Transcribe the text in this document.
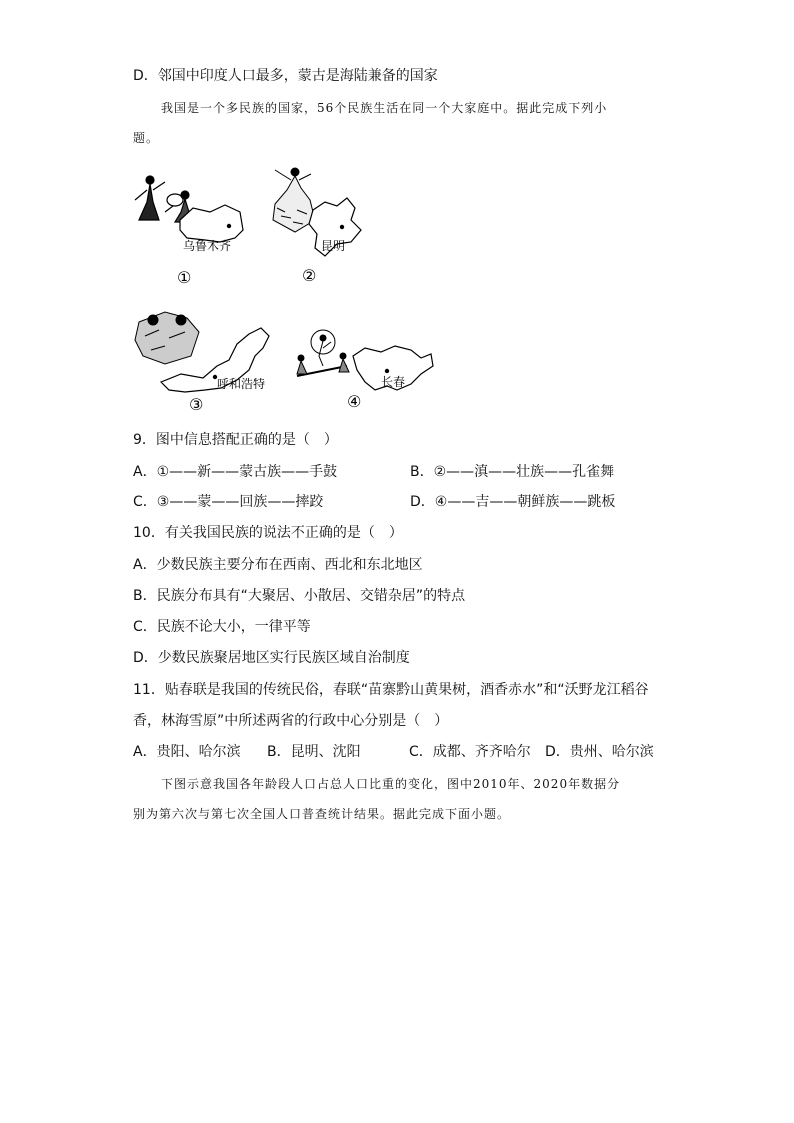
D．邻国中印度人口最多，蒙古是海陆兼备的国家
我国是一个多民族的国家，56个民族生活在同一个大家庭中。据此完成下列小
题。
乌鲁木齐
①
昆明
②
呼和浩特
③
长春
④
9．图中信息搭配正确的是（　）
A．①——新——蒙古族——手鼓	B．②——滇——壮族——孔雀舞
C．③——蒙——回族——摔跤	D．④——吉——朝鲜族——跳板
10．有关我国民族的说法不正确的是（　）
A．少数民族主要分布在西南、西北和东北地区
B．民族分布具有“大聚居、小散居、交错杂居”的特点
C．民族不论大小，一律平等
D．少数民族聚居地区实行民族区域自治制度
11．贴春联是我国的传统民俗，春联“苗寨黔山黄果树，酒香赤水”和“沃野龙江稻谷
香，林海雪原”中所述两省的行政中心分别是（　）
A．贵阳、哈尔滨 B．昆明、沈阳	C．成都、齐齐哈尔 D．贵州、哈尔滨
下图示意我国各年龄段人口占总人口比重的变化，图中2010年、2020年数据分
别为第六次与第七次全国人口普查统计结果。据此完成下面小题。
